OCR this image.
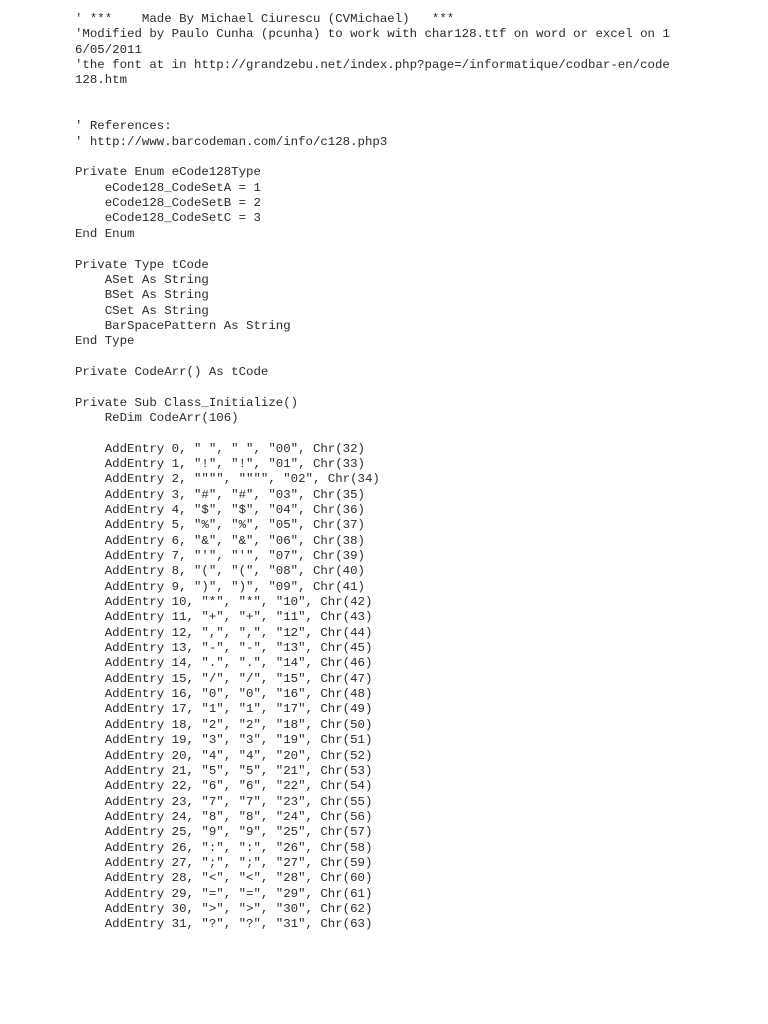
' ***    Made By Michael Ciurescu (CVMichael)   ***
'Modified by Paulo Cunha (pcunha) to work with char128.ttf on word or excel on 1
6/05/2011
'the font at in http://grandzebu.net/index.php?page=/informatique/codbar-en/code
128.htm
' References:
' http://www.barcodeman.com/info/c128.php3
Private Enum eCode128Type
eCode128_CodeSetA = 1
eCode128_CodeSetB = 2
eCode128_CodeSetC = 3
End Enum
Private Type tCode
ASet As String
BSet As String
CSet As String
BarSpacePattern As String
End Type
Private CodeArr() As tCode
Private Sub Class_Initialize()
ReDim CodeArr(106)
AddEntry 0, " ", " ", "00", Chr(32)
AddEntry 1, "!", "!", "01", Chr(33)
AddEntry 2, """", """", "02", Chr(34)
AddEntry 3, "#", "#", "03", Chr(35)
AddEntry 4, "$", "$", "04", Chr(36)
AddEntry 5, "%", "%", "05", Chr(37)
AddEntry 6, "&", "&", "06", Chr(38)
AddEntry 7, "'", "'", "07", Chr(39)
AddEntry 8, "(", "(", "08", Chr(40)
AddEntry 9, ")", ")", "09", Chr(41)
AddEntry 10, "*", "*", "10", Chr(42)
AddEntry 11, "+", "+", "11", Chr(43)
AddEntry 12, ",", ",", "12", Chr(44)
AddEntry 13, "-", "-", "13", Chr(45)
AddEntry 14, ".", ".", "14", Chr(46)
AddEntry 15, "/", "/", "15", Chr(47)
AddEntry 16, "0", "0", "16", Chr(48)
AddEntry 17, "1", "1", "17", Chr(49)
AddEntry 18, "2", "2", "18", Chr(50)
AddEntry 19, "3", "3", "19", Chr(51)
AddEntry 20, "4", "4", "20", Chr(52)
AddEntry 21, "5", "5", "21", Chr(53)
AddEntry 22, "6", "6", "22", Chr(54)
AddEntry 23, "7", "7", "23", Chr(55)
AddEntry 24, "8", "8", "24", Chr(56)
AddEntry 25, "9", "9", "25", Chr(57)
AddEntry 26, ":", ":", "26", Chr(58)
AddEntry 27, ";", ";", "27", Chr(59)
AddEntry 28, "<", "<", "28", Chr(60)
AddEntry 29, "=", "=", "29", Chr(61)
AddEntry 30, ">", ">", "30", Chr(62)
AddEntry 31, "?", "?", "31", Chr(63)
